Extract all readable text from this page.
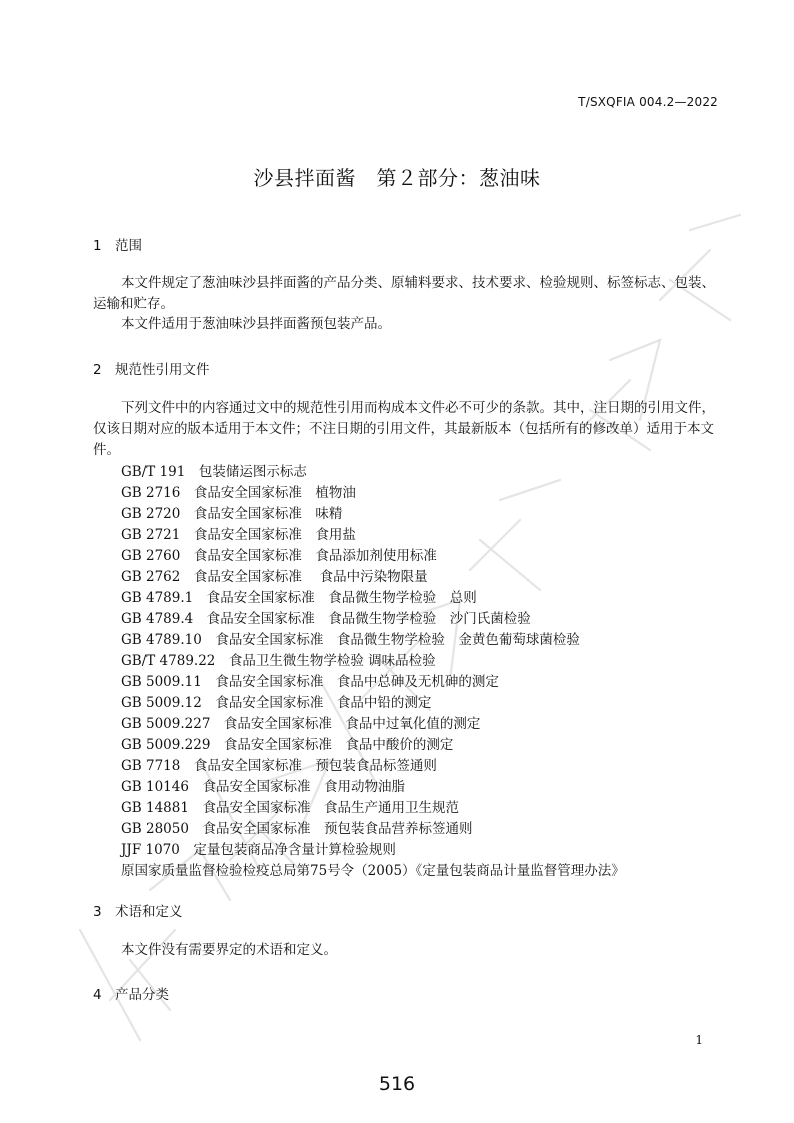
T/SXQFIA 004.2—2022
沙县拌面酱　第２部分：葱油味
1 范围
本文件规定了葱油味沙县拌面酱的产品分类、原辅料要求、技术要求、检验规则、标签标志、包装、运输和贮存。
本文件适用于葱油味沙县拌面酱预包装产品。
2 规范性引用文件
下列文件中的内容通过文中的规范性引用而构成本文件必不可少的条款。其中，注日期的引用文件，仅该日期对应的版本适用于本文件；不注日期的引用文件，其最新版本（包括所有的修改单）适用于本文件。
GB/T 191　包装储运图示标志
GB 2716　食品安全国家标准　植物油
GB 2720　食品安全国家标准　味精
GB 2721　食品安全国家标准　食用盐
GB 2760　食品安全国家标准　食品添加剂使用标准
GB 2762　食品安全国家标准　 食品中污染物限量
GB 4789.1　食品安全国家标准　食品微生物学检验　总则
GB 4789.4　食品安全国家标准　食品微生物学检验　沙门氏菌检验
GB 4789.10　食品安全国家标准　食品微生物学检验　金黄色葡萄球菌检验
GB/T 4789.22　食品卫生微生物学检验 调味品检验
GB 5009.11　食品安全国家标准　食品中总砷及无机砷的测定
GB 5009.12　食品安全国家标准　食品中铅的测定
GB 5009.227　食品安全国家标准　食品中过氧化值的测定
GB 5009.229　食品安全国家标准　食品中酸价的测定
GB 7718　食品安全国家标准　预包装食品标签通则
GB 10146　食品安全国家标准　食用动物油脂
GB 14881　食品安全国家标准　食品生产通用卫生规范
GB 28050　食品安全国家标准　预包装食品营养标签通则
JJF 1070　定量包装商品净含量计算检验规则
原国家质量监督检验检疫总局第75号令（2005）《定量包装商品计量监督管理办法》
3 术语和定义
本文件没有需要界定的术语和定义。
4 产品分类
1
516
